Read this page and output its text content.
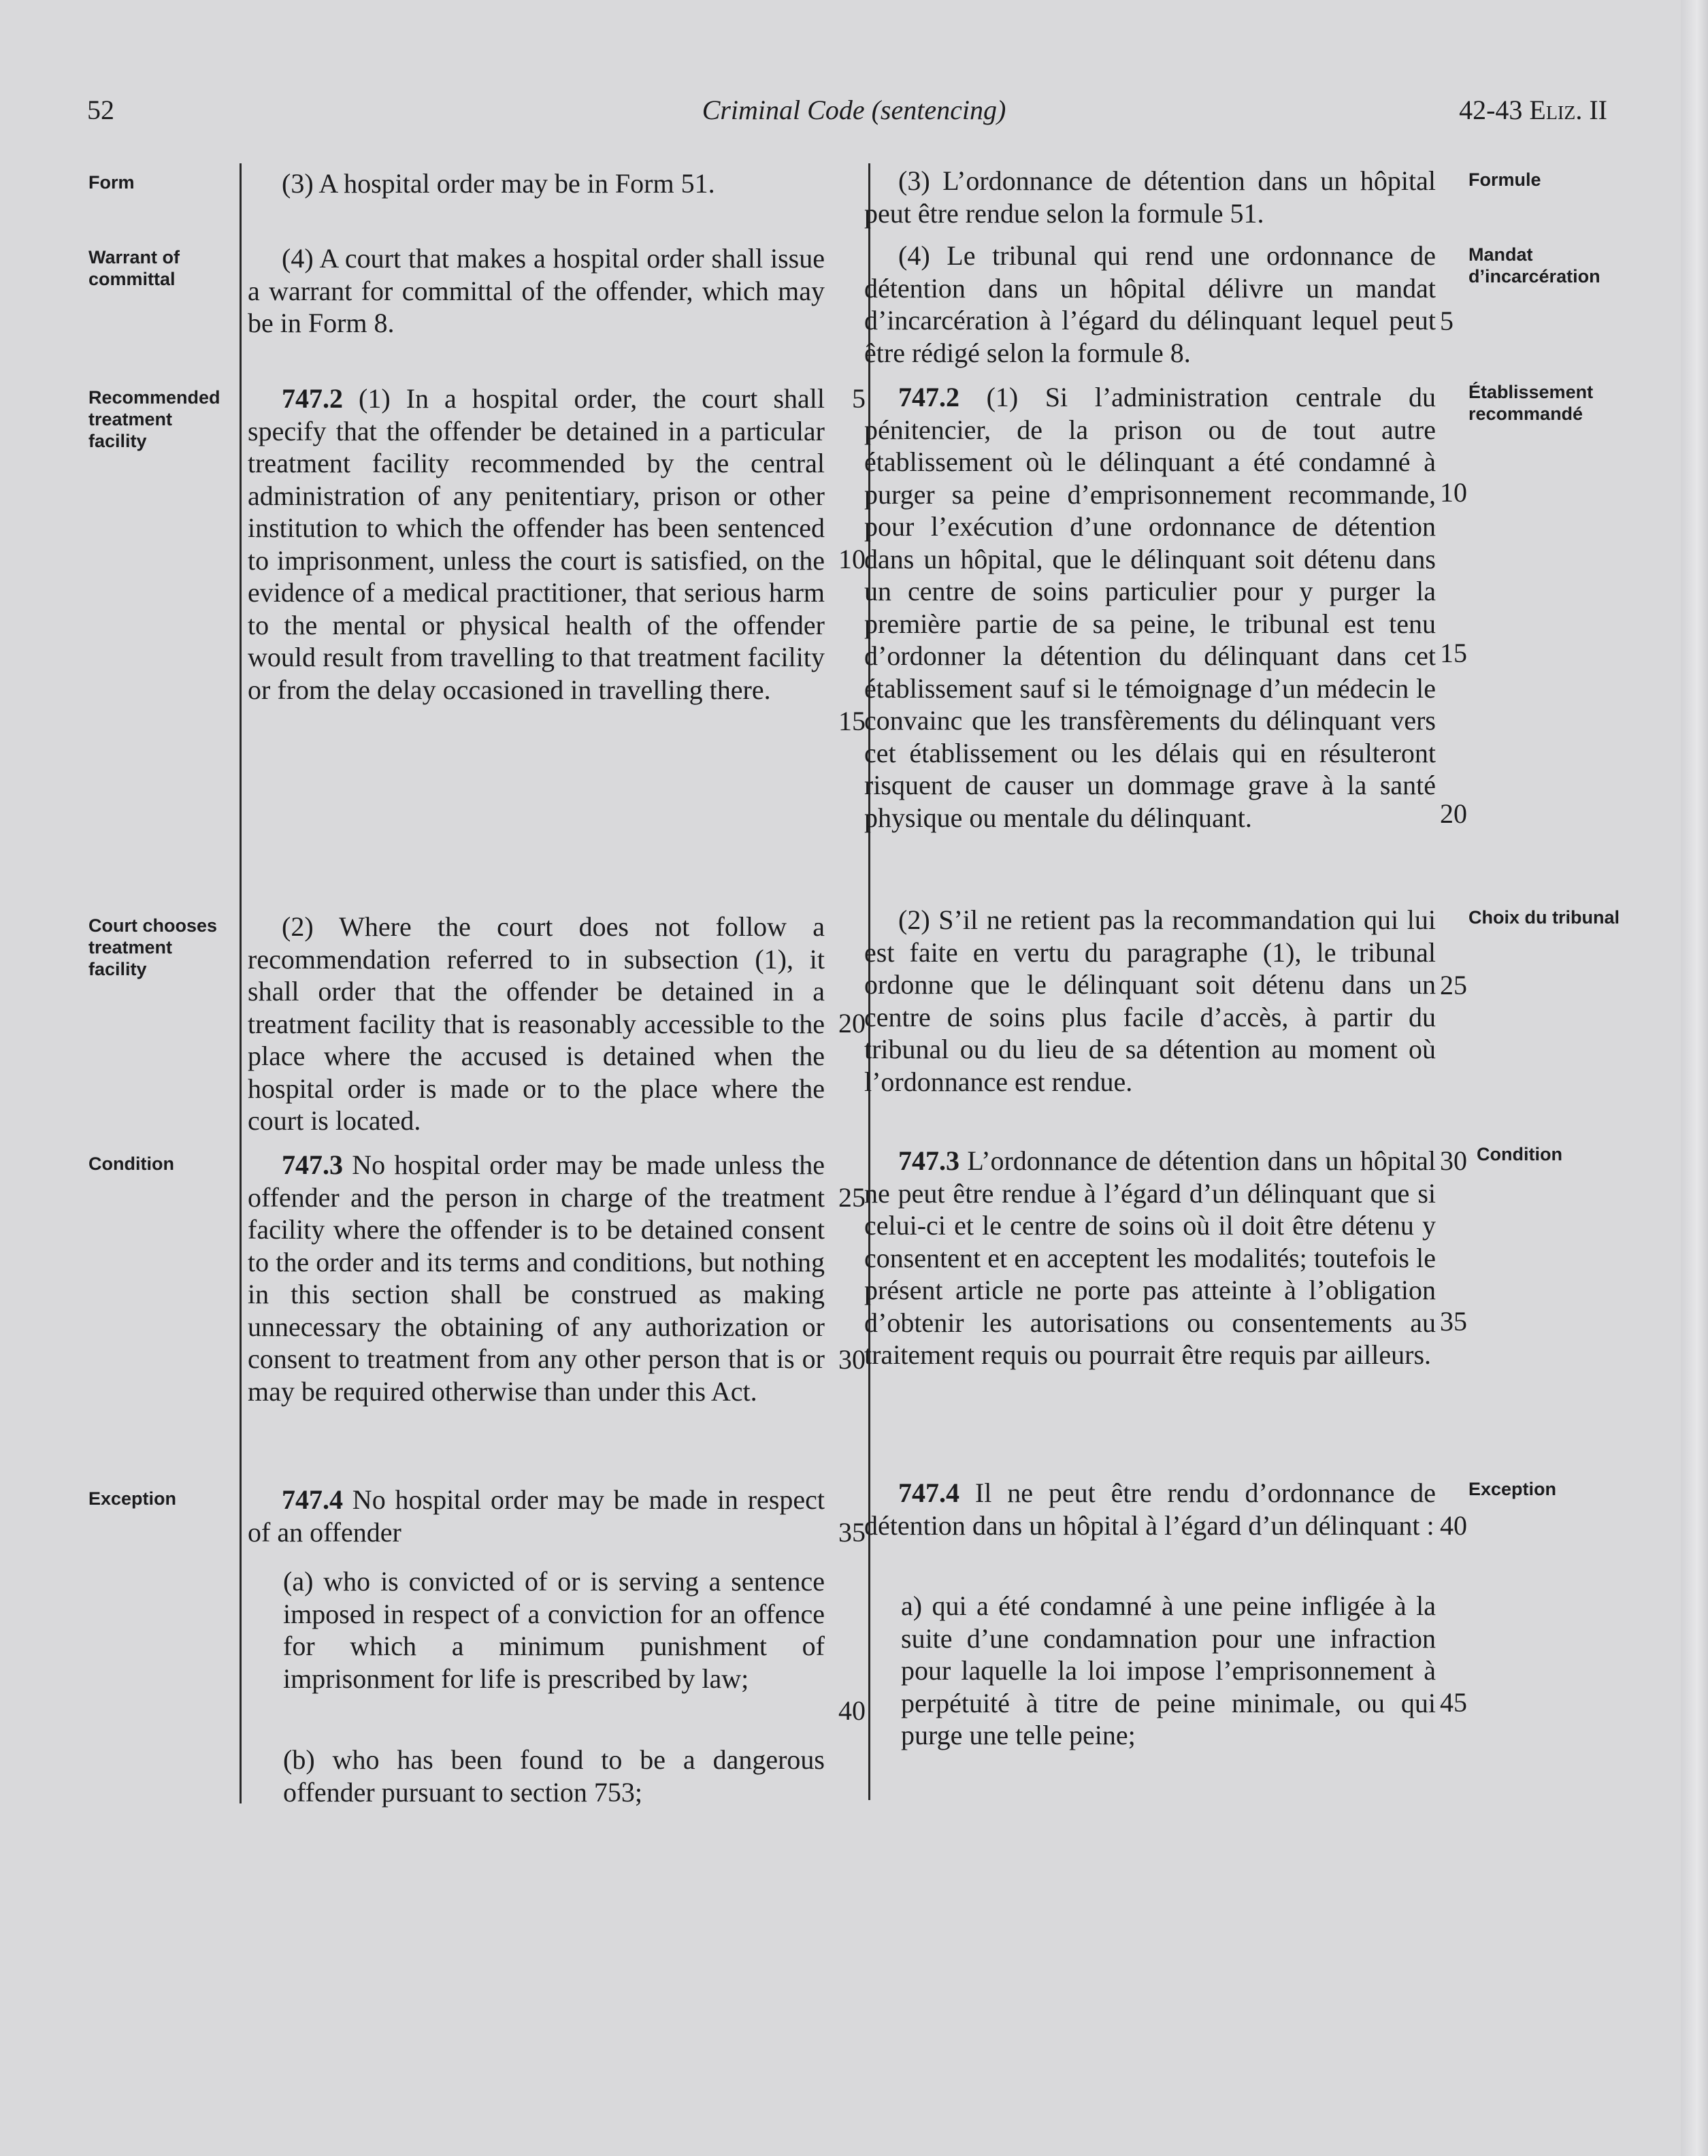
52	Criminal Code (sentencing)	42-43 Eliz. II
Form
Warrant of committal
Recommended treatment facility
Court chooses treatment facility
Condition
Exception
(3) A hospital order may be in Form 51.
(4) A court that makes a hospital order shall issue a warrant for committal of the offender, which may be in Form 8.
747.2 (1) In a hospital order, the court shall specify that the offender be detained in a particular treatment facility recommended by the central administration of any penitentiary, prison or other institution to which the offender has been sentenced to imprisonment, unless the court is satisfied, on the evidence of a medical practitioner, that serious harm to the mental or physical health of the offender would result from travelling to that treatment facility or from the delay occasioned in travelling there.
(2) Where the court does not follow a recommendation referred to in subsection (1), it shall order that the offender be detained in a treatment facility that is reasonably accessible to the place where the accused is detained when the hospital order is made or to the place where the court is located.
747.3 No hospital order may be made unless the offender and the person in charge of the treatment facility where the offender is to be detained consent to the order and its terms and conditions, but nothing in this section shall be construed as making unnecessary the obtaining of any authorization or consent to treatment from any other person that is or may be required otherwise than under this Act.
747.4 No hospital order may be made in respect of an offender
(a) who is convicted of or is serving a sentence imposed in respect of a conviction for an offence for which a minimum punishment of imprisonment for life is prescribed by law;
(b) who has been found to be a dangerous offender pursuant to section 753;
5
10
15
20
25
30
35
40
(3) L’ordonnance de détention dans un hôpital peut être rendue selon la formule 51.
(4) Le tribunal qui rend une ordonnance de détention dans un hôpital délivre un mandat d’incarcération à l’égard du délinquant lequel peut être rédigé selon la formule 8.
747.2 (1) Si l’administration centrale du pénitencier, de la prison ou de tout autre établissement où le délinquant a été condamné à purger sa peine d’emprisonnement recommande, pour l’exécution d’une ordonnance de détention dans un hôpital, que le délinquant soit détenu dans un centre de soins particulier pour y purger la première partie de sa peine, le tribunal est tenu d’ordonner la détention du délinquant dans cet établissement sauf si le témoignage d’un médecin le convainc que les transfèrements du délinquant vers cet établissement ou les délais qui en résulteront risquent de causer un dommage grave à la santé physique ou mentale du délinquant.
(2) S’il ne retient pas la recommandation qui lui est faite en vertu du paragraphe (1), le tribunal ordonne que le délinquant soit détenu dans un centre de soins plus facile d’accès, à partir du tribunal ou du lieu de sa détention au moment où l’ordonnance est rendue.
747.3 L’ordonnance de détention dans un hôpital ne peut être rendue à l’égard d’un délinquant que si celui-ci et le centre de soins où il doit être détenu y consentent et en acceptent les modalités; toutefois le présent article ne porte pas atteinte à l’obligation d’obtenir les autorisations ou consentements au traitement requis ou pourrait être requis par ailleurs.
747.4 Il ne peut être rendu d’ordonnance de détention dans un hôpital à l’égard d’un délinquant :
a) qui a été condamné à une peine infligée à la suite d’une condamnation pour une infraction pour laquelle la loi impose l’emprisonnement à perpétuité à titre de peine minimale, ou qui purge une telle peine;
5
10
15
20
25
30
35
40
45
Formule
Mandat d’incarcération
Établissement recommandé
Choix du tribunal
Condition
Exception
